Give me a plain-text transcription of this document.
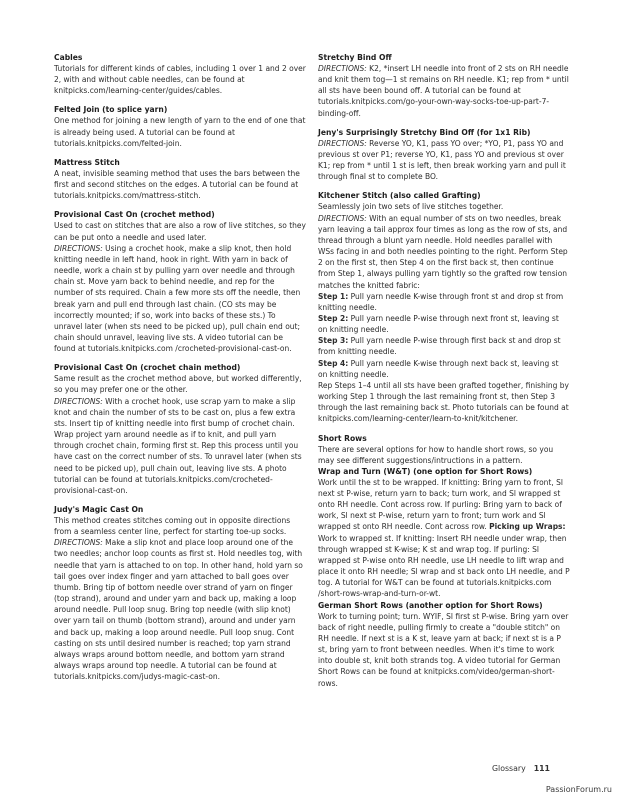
Cables

Tutorials for different kinds of cables, including 1 over 1 and 2 over 2, with and without cable needles, can be found at knitpicks.com/learning-center/guides/cables.

Felted Join (to splice yarn)

One method for joining a new length of yarn to the end of one that is already being used. A tutorial can be found at tutorials.knitpicks.com/felted-join.

Mattress Stitch

A neat, invisible seaming method that uses the bars between the first and second stitches on the edges. A tutorial can be found at tutorials.knitpicks.com/mattress-stitch.

Provisional Cast On (crochet method)

Used to cast on stitches that are also a row of live stitches, so they can be put onto a needle and used later.

DIRECTIONS: Using a crochet hook, make a slip knot, then hold knitting needle in left hand, hook in right. With yarn in back of needle, work a chain st by pulling yarn over needle and through chain st. Move yarn back to behind needle, and rep for the number of sts required. Chain a few more sts off the needle, then break yarn and pull end through last chain. (CO sts may be incorrectly mounted; if so, work into backs of these sts.) To unravel later (when sts need to be picked up), pull chain end out; chain should unravel, leaving live sts. A video tutorial can be found at tutorials.knitpicks.com /crocheted-provisional-cast-on.

Provisional Cast On (crochet chain method)

Same result as the crochet method above, but worked differently, so you may prefer one or the other.

DIRECTIONS: With a crochet hook, use scrap yarn to make a slip knot and chain the number of sts to be cast on, plus a few extra sts. Insert tip of knitting needle into first bump of crochet chain. Wrap project yarn around needle as if to knit, and pull yarn through crochet chain, forming first st. Rep this process until you have cast on the correct number of sts. To unravel later (when sts need to be picked up), pull chain out, leaving live sts. A photo tutorial can be found at tutorials.knitpicks.com/crocheted-provisional-cast-on.

Judy's Magic Cast On

This method creates stitches coming out in opposite directions from a seamless center line, perfect for starting toe-up socks.

DIRECTIONS: Make a slip knot and place loop around one of the two needles; anchor loop counts as first st. Hold needles tog, with needle that yarn is attached to on top. In other hand, hold yarn so tail goes over index finger and yarn attached to ball goes over thumb. Bring tip of bottom needle over strand of yarn on finger (top strand), around and under yarn and back up, making a loop around needle. Pull loop snug. Bring top needle (with slip knot) over yarn tail on thumb (bottom strand), around and under yarn and back up, making a loop around needle. Pull loop snug. Cont casting on sts until desired number is reached; top yarn strand always wraps around bottom needle, and bottom yarn strand always wraps around top needle. A tutorial can be found at tutorials.knitpicks.com/judys-magic-cast-on.

Stretchy Bind Off

DIRECTIONS: K2, *insert LH needle into front of 2 sts on RH needle and knit them tog—1 st remains on RH needle. K1; rep from * until all sts have been bound off. A tutorial can be found at tutorials.knitpicks.com/go-your-own-way-socks-toe-up-part-7-binding-off.

Jeny's Surprisingly Stretchy Bind Off (for 1x1 Rib)

DIRECTIONS: Reverse YO, K1, pass YO over; *YO, P1, pass YO and previous st over P1; reverse YO, K1, pass YO and previous st over K1; rep from * until 1 st is left, then break working yarn and pull it through final st to complete BO.

Kitchener Stitch (also called Grafting)

Seamlessly join two sets of live stitches together.

DIRECTIONS: With an equal number of sts on two needles, break yarn leaving a tail approx four times as long as the row of sts, and thread through a blunt yarn needle. Hold needles parallel with WSs facing in and both needles pointing to the right. Perform Step 2 on the first st, then Step 4 on the first back st, then continue from Step 1, always pulling yarn tightly so the grafted row tension matches the knitted fabric:

Step 1: Pull yarn needle K-wise through front st and drop st from knitting needle.

Step 2: Pull yarn needle P-wise through next front st, leaving st on knitting needle.

Step 3: Pull yarn needle P-wise through first back st and drop st from knitting needle.

Step 4: Pull yarn needle K-wise through next back st, leaving st on knitting needle.

Rep Steps 1–4 until all sts have been grafted together, finishing by working Step 1 through the last remaining front st, then Step 3 through the last remaining back st. Photo tutorials can be found at knitpicks.com/learning-center/learn-to-knit/kitchener.

Short Rows

There are several options for how to handle short rows, so you may see different suggestions/intructions in a pattern.

Wrap and Turn (W&T) (one option for Short Rows)

Work until the st to be wrapped. If knitting: Bring yarn to front, Sl next st P-wise, return yarn to back; turn work, and Sl wrapped st onto RH needle. Cont across row. If purling: Bring yarn to back of work, Sl next st P-wise, return yarn to front; turn work and Sl wrapped st onto RH needle. Cont across row. Picking up Wraps: Work to wrapped st. If knitting: Insert RH needle under wrap, then through wrapped st K-wise; K st and wrap tog. If purling: Sl wrapped st P-wise onto RH needle, use LH needle to lift wrap and place it onto RH needle; Sl wrap and st back onto LH needle, and P tog. A tutorial for W&T can be found at tutorials.knitpicks.com /short-rows-wrap-and-turn-or-wt.

German Short Rows (another option for Short Rows)

Work to turning point; turn. WYIF, Sl first st P-wise. Bring yarn over back of right needle, pulling firmly to create a "double stitch" on RH needle. If next st is a K st, leave yarn at back; if next st is a P st, bring yarn to front between needles. When it's time to work into double st, knit both strands tog. A video tutorial for German Short Rows can be found at knitpicks.com/video/german-short-rows.

Glossary 111
PassionForum.ru
